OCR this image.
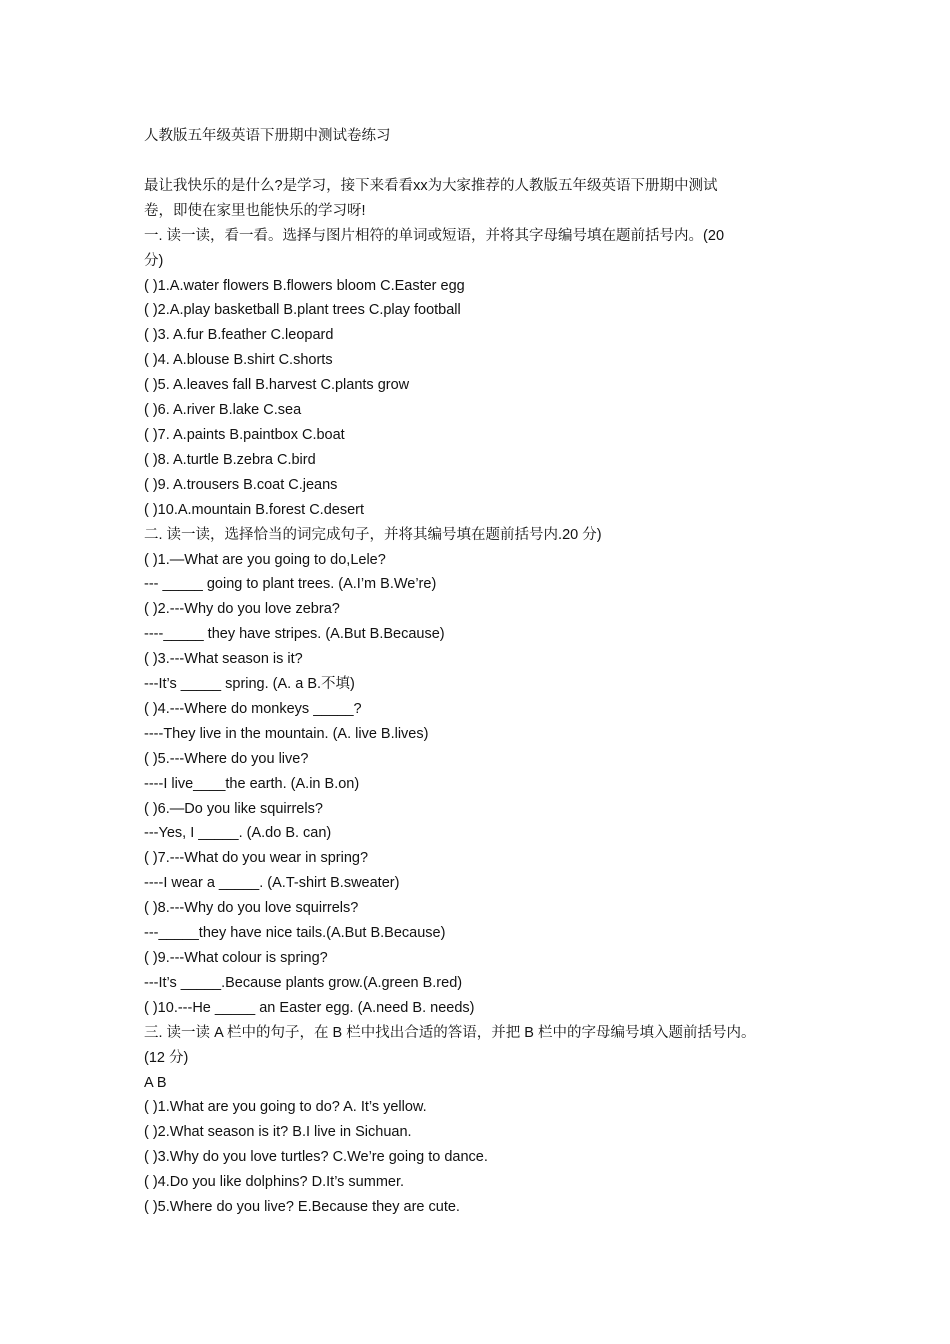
人教版五年级英语下册期中测试卷练习
最让我快乐的是什么?是学习，接下来看看xx为大家推荐的人教版五年级英语下册期中测试
卷，即使在家里也能快乐的学习呀!
一. 读一读，看一看。选择与图片相符的单词或短语，并将其字母编号填在题前括号内。(20
分)
( )1.A.water flowers B.flowers bloom C.Easter egg
( )2.A.play basketball B.plant trees C.play football
( )3. A.fur B.feather C.leopard
( )4. A.blouse B.shirt C.shorts
( )5. A.leaves fall B.harvest C.plants grow
( )6. A.river B.lake C.sea
( )7. A.paints B.paintbox C.boat
( )8. A.turtle B.zebra C.bird
( )9. A.trousers B.coat C.jeans
( )10.A.mountain B.forest C.desert
二. 读一读，选择恰当的词完成句子，并将其编号填在题前括号内.20 分)
( )1.—What are you going to do,Lele?
--- _____ going to plant trees. (A.I’m B.We’re)
( )2.---Why do you love zebra?
----_____ they have stripes. (A.But B.Because)
( )3.---What season is it?
---It’s _____ spring. (A. a B.不填)
( )4.---Where do monkeys _____?
----They live in the mountain. (A. live B.lives)
( )5.---Where do you live?
----I live____the earth. (A.in B.on)
( )6.—Do you like squirrels?
---Yes, I _____. (A.do B. can)
( )7.---What do you wear in spring?
----I wear a _____. (A.T-shirt B.sweater)
( )8.---Why do you love squirrels?
---_____they have nice tails.(A.But B.Because)
( )9.---What colour is spring?
---It’s _____.Because plants grow.(A.green B.red)
( )10.---He _____ an Easter egg. (A.need B. needs)
三. 读一读 A 栏中的句子，在 B 栏中找出合适的答语，并把 B 栏中的字母编号填入题前括号内。
(12 分)
A B
( )1.What are you going to do? A. It’s yellow.
( )2.What season is it? B.I live in Sichuan.
( )3.Why do you love turtles? C.We’re going to dance.
( )4.Do you like dolphins? D.It’s summer.
( )5.Where do you live? E.Because they are cute.
